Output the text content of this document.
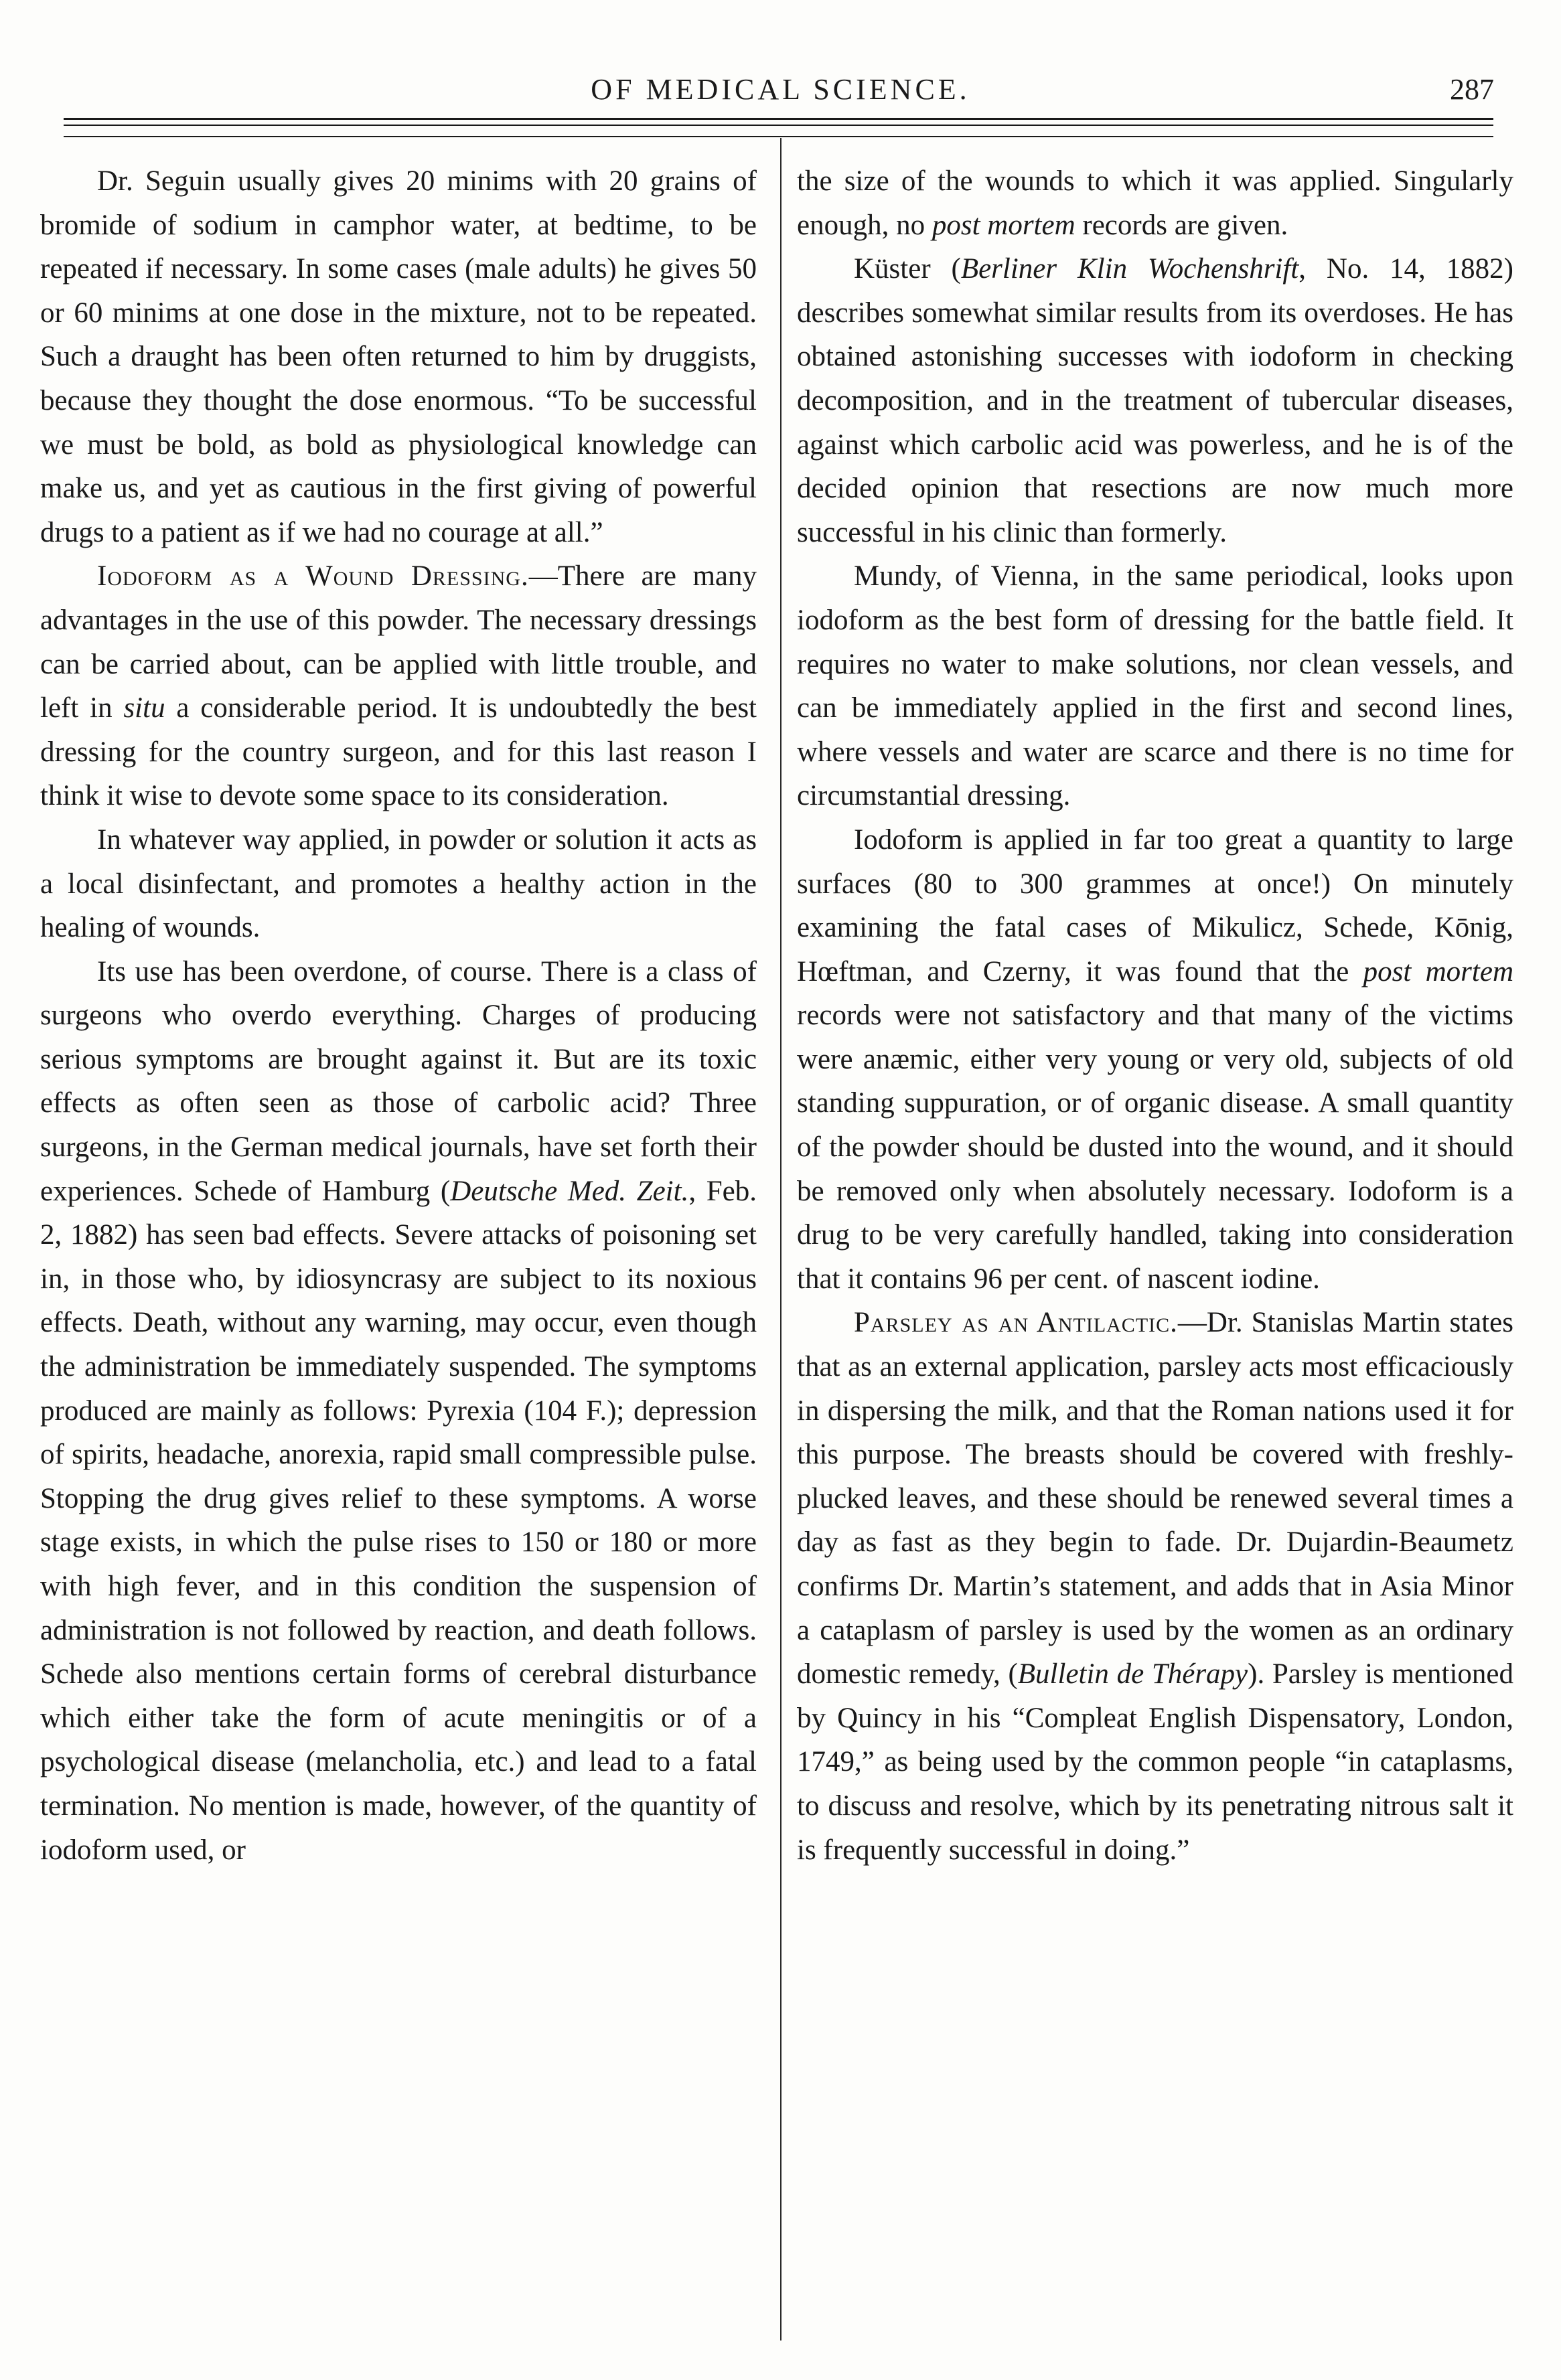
OF MEDICAL SCIENCE.	287

Dr. Seguin usually gives 20 minims with 20 grains of bromide of sodium in camphor water, at bedtime, to be repeated if necessary. In some cases (male adults) he gives 50 or 60 minims at one dose in the mixture, not to be repeated. Such a draught has been often returned to him by druggists, because they thought the dose enormous. “To be successful we must be bold, as bold as physiological knowledge can make us, and yet as cautious in the first giving of powerful drugs to a patient as if we had no courage at all.”

Iodoform as a Wound Dressing.—There are many advantages in the use of this powder. The necessary dressings can be carried about, can be applied with little trouble, and left in situ a considerable period. It is undoubtedly the best dressing for the country surgeon, and for this last reason I think it wise to devote some space to its consideration.

In whatever way applied, in powder or solution it acts as a local disinfectant, and promotes a healthy action in the healing of wounds.

Its use has been overdone, of course. There is a class of surgeons who overdo everything. Charges of producing serious symptoms are brought against it. But are its toxic effects as often seen as those of carbolic acid? Three surgeons, in the German medical journals, have set forth their experiences. Schede of Hamburg (Deutsche Med. Zeit., Feb. 2, 1882) has seen bad effects. Severe attacks of poisoning set in, in those who, by idiosyncrasy are subject to its noxious effects. Death, without any warning, may occur, even though the administration be immediately suspended. The symptoms produced are mainly as follows: Pyrexia (104 F.); depression of spirits, headache, anorexia, rapid small compressible pulse. Stopping the drug gives relief to these symptoms. A worse stage exists, in which the pulse rises to 150 or 180 or more with high fever, and in this condition the suspension of administration is not followed by reaction, and death follows. Schede also mentions certain forms of cerebral disturbance which either take the form of acute meningitis or of a psychological disease (melancholia, etc.) and lead to a fatal termination. No mention is made, however, of the quantity of iodoform used, or

the size of the wounds to which it was applied. Singularly enough, no post mortem records are given.

Küster (Berliner Klin Wochenshrift, No. 14, 1882) describes somewhat similar results from its overdoses. He has obtained astonishing successes with iodoform in checking decomposition, and in the treatment of tubercular diseases, against which carbolic acid was powerless, and he is of the decided opinion that resections are now much more successful in his clinic than formerly.

Mundy, of Vienna, in the same periodical, looks upon iodoform as the best form of dressing for the battle field. It requires no water to make solutions, nor clean vessels, and can be immediately applied in the first and second lines, where vessels and water are scarce and there is no time for circumstantial dressing.

Iodoform is applied in far too great a quantity to large surfaces (80 to 300 grammes at once!) On minutely examining the fatal cases of Mikulicz, Schede, Kōnig, Hœftman, and Czerny, it was found that the post mortem records were not satisfactory and that many of the victims were anæmic, either very young or very old, subjects of old standing suppuration, or of organic disease. A small quantity of the powder should be dusted into the wound, and it should be removed only when absolutely necessary. Iodoform is a drug to be very carefully handled, taking into consideration that it contains 96 per cent. of nascent iodine.

Parsley as an Antilactic.—Dr. Stanislas Martin states that as an external application, parsley acts most efficaciously in dispersing the milk, and that the Roman nations used it for this purpose. The breasts should be covered with freshly-plucked leaves, and these should be renewed several times a day as fast as they begin to fade. Dr. Dujardin-Beaumetz confirms Dr. Martin’s statement, and adds that in Asia Minor a cataplasm of parsley is used by the women as an ordinary domestic remedy, (Bulletin de Thérapy). Parsley is mentioned by Quincy in his “Compleat English Dispensatory, London, 1749,” as being used by the common people “in cataplasms, to discuss and resolve, which by its penetrating nitrous salt it is frequently successful in doing.”
